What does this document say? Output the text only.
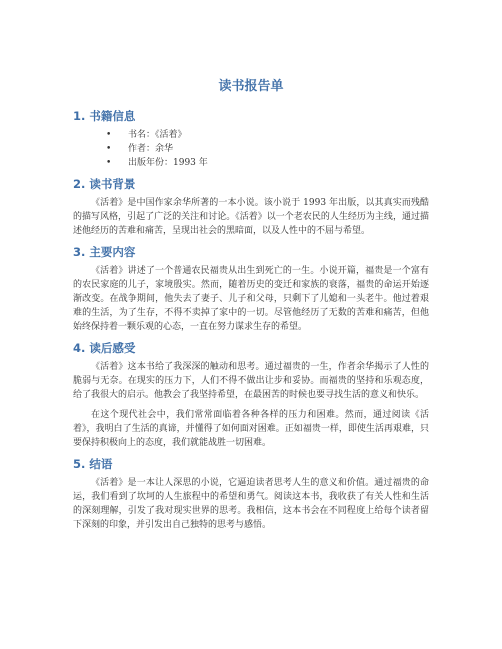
读书报告单
1. 书籍信息
• 书名：《活着》
• 作者：余华
• 出版年份：1993 年
2. 读书背景

《活着》是中国作家余华所著的一本小说。该小说于 1993 年出版，以其真实而残酷的描写风格，引起了广泛的关注和讨论。《活着》以一个老农民的人生经历为主线，通过描述他经历的苦难和痛苦，呈现出社会的黑暗面，以及人性中的不屈与希望。

3. 主要内容

《活着》讲述了一个普通农民福贵从出生到死亡的一生。小说开篇，福贵是一个富有的农民家庭的儿子，家境殷实。然而，随着历史的变迁和家族的衰落，福贵的命运开始逐渐改变。在战争期间，他失去了妻子、儿子和父母，只剩下了儿媳和一头老牛。他过着艰难的生活，为了生存，不得不卖掉了家中的一切。尽管他经历了无数的苦难和痛苦，但他始终保持着一颗乐观的心态，一直在努力谋求生存的希望。

4. 读后感受

《活着》这本书给了我深深的触动和思考。通过福贵的一生，作者余华揭示了人性的脆弱与无奈。在现实的压力下，人们不得不做出让步和妥协。而福贵的坚持和乐观态度，给了我很大的启示。他教会了我坚持希望，在最困苦的时候也要寻找生活的意义和快乐。

在这个现代社会中，我们常常面临着各种各样的压力和困难。然而，通过阅读《活着》，我明白了生活的真谛，并懂得了如何面对困难。正如福贵一样，即使生活再艰难，只要保持积极向上的态度，我们就能战胜一切困难。

5. 结语

《活着》是一本让人深思的小说，它逼迫读者思考人生的意义和价值。通过福贵的命运，我们看到了坎坷的人生旅程中的希望和勇气。阅读这本书，我收获了有关人性和生活的深刻理解，引发了我对现实世界的思考。我相信，这本书会在不同程度上给每个读者留下深刻的印象，并引发出自己独特的思考与感悟。
